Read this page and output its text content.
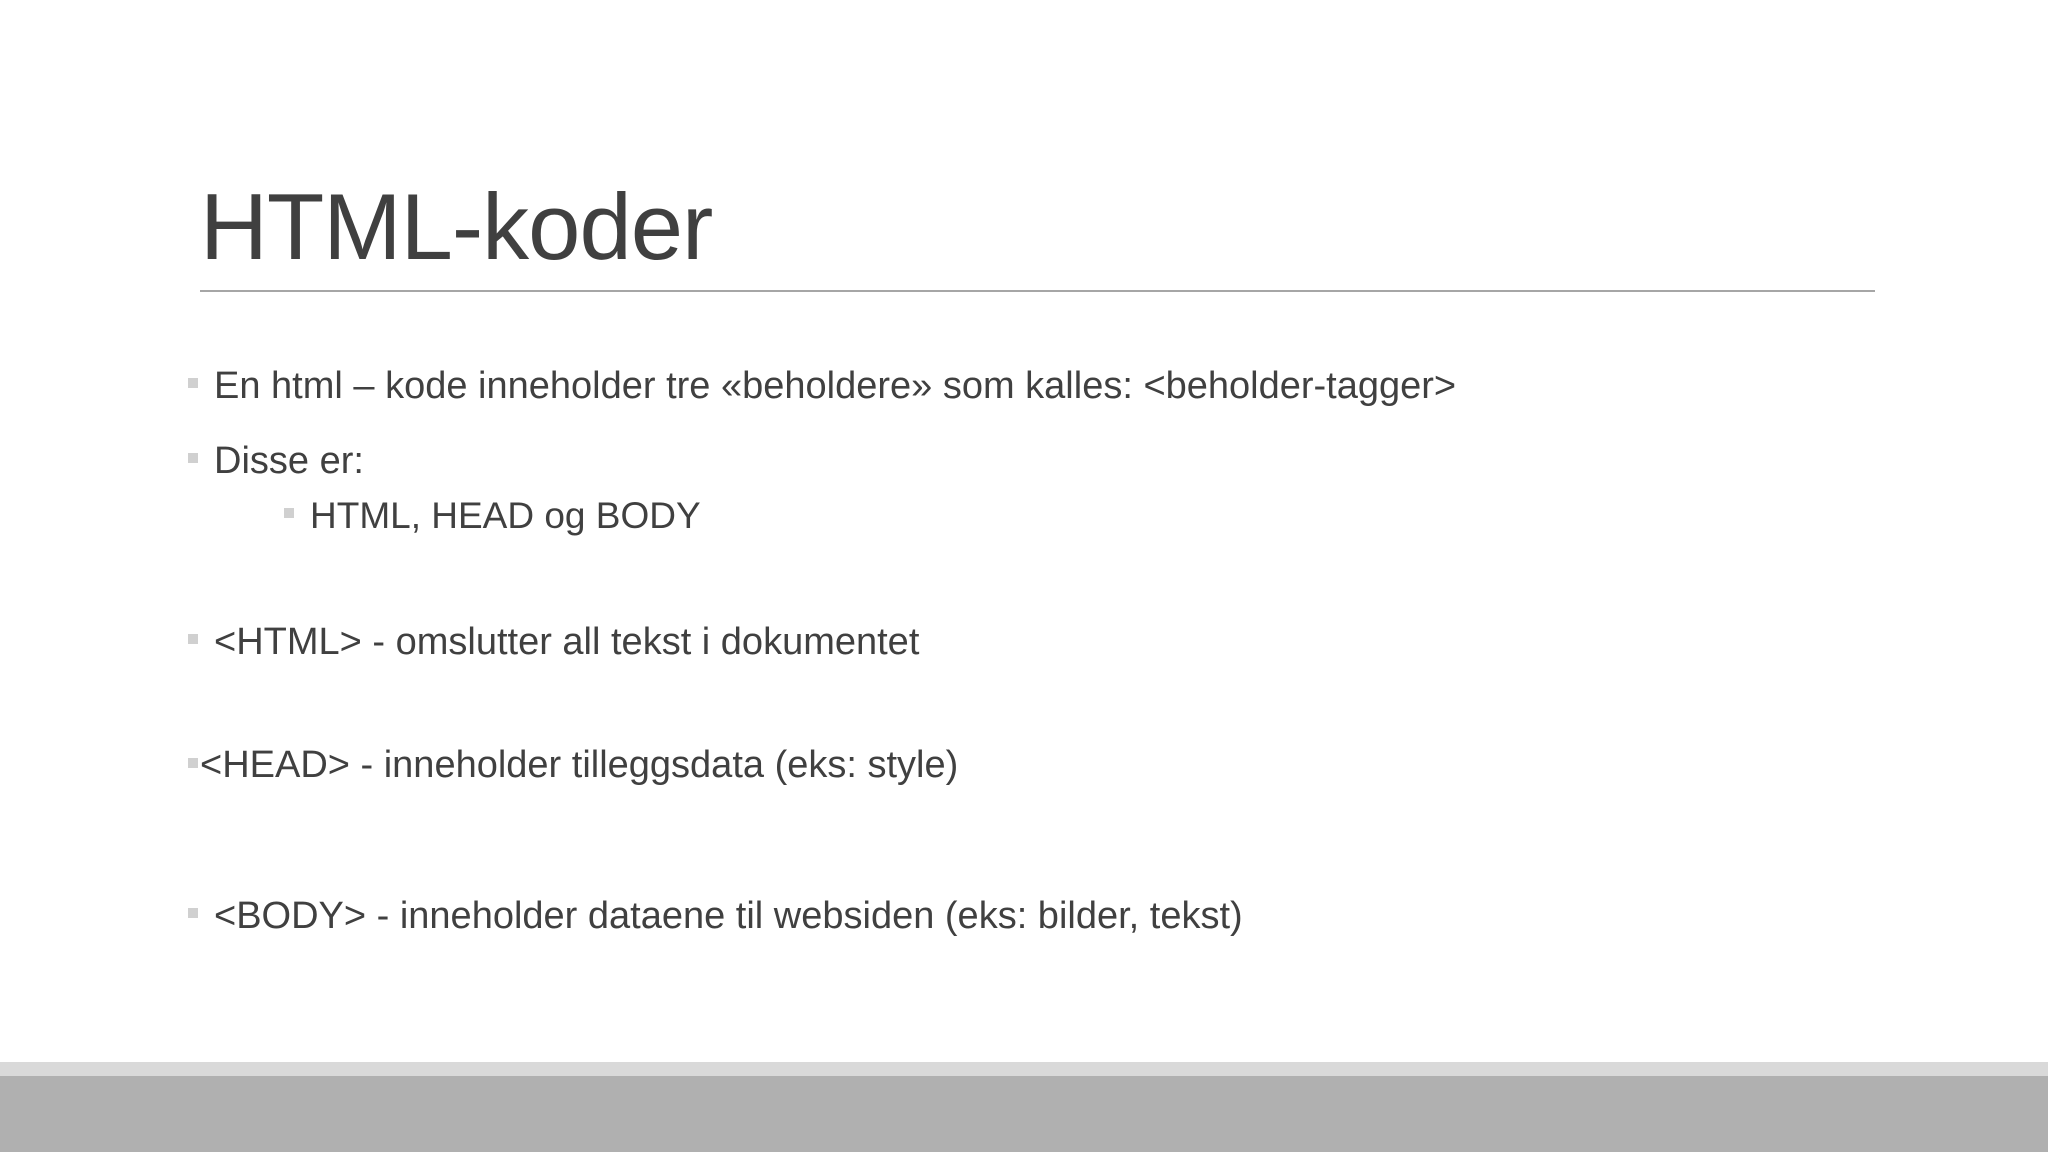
HTML-koder
En html – kode inneholder tre «beholdere» som kalles: <beholder-tagger>
Disse er:
HTML, HEAD og BODY
<HTML> - omslutter all tekst i dokumentet
<HEAD> - inneholder tilleggsdata (eks: style)
<BODY> - inneholder dataene til websiden (eks: bilder, tekst)
